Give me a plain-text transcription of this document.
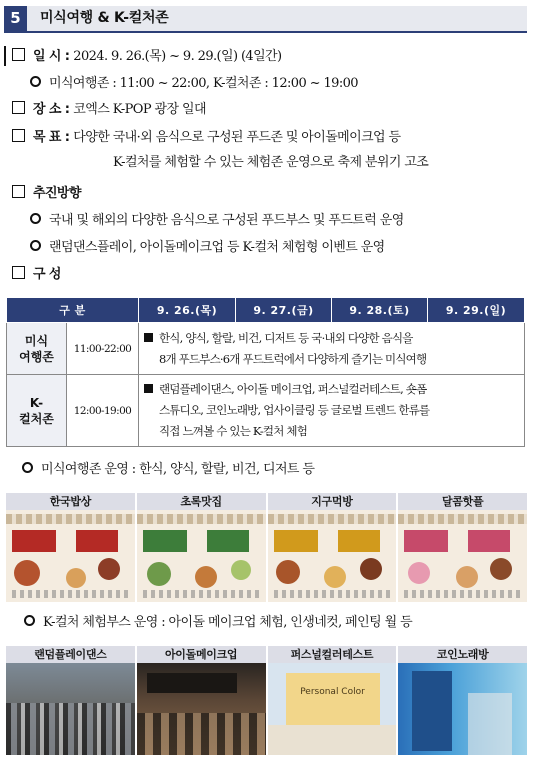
5	미식여행 & K-컬처존
일 시 : 2024. 9. 26.(목) ~ 9. 29.(일) (4일간)
미식여행존 : 11:00 ~ 22:00, K-컬처존 : 12:00 ~ 19:00
장 소 : 코엑스 K-POP 광장 일대
목 표 : 다양한 국내·외 음식으로 구성된 푸드존 및 아이돌메이크업 등
K-컬처를 체험할 수 있는 체험존 운영으로 축제 분위기 고조
추진방향
국내 및 해외의 다양한 음식으로 구성된 푸드부스 및 푸드트럭 운영
랜덤댄스플레이, 아이돌메이크업 등 K-컬처 체험형 이벤트 운영
구 성
구 분		9. 26.(목)	9. 27.(금)	9. 28.(토)	9. 29.(일)
미식
여행존	11:00-22:00	한식, 양식, 할랄, 비건, 디저트 등 국·내외 다양한 음식을
8개 푸드부스·6개 푸드트럭에서 다양하게 즐기는 미식여행			
K-
컬처존	12:00-19:00	랜덤플레이댄스, 아이돌 메이크업, 퍼스널컬러테스트, 숏폼
스튜디오, 코인노래방, 업사이클링 등 글로벌 트렌드 한류를
직접 느껴볼 수 있는 K-컬처 체험			
미식여행존 운영 : 한식, 양식, 할랄, 비건, 디저트 등
한국밥상	초록맛집	지구먹방	달콤핫플
K-컬처 체험부스 운영 : 아이돌 메이크업 체험, 인생네컷, 페인팅 월 등
랜덤플레이댄스	아이돌메이크업	퍼스널컬러테스트
Personal Color
코인노래방
